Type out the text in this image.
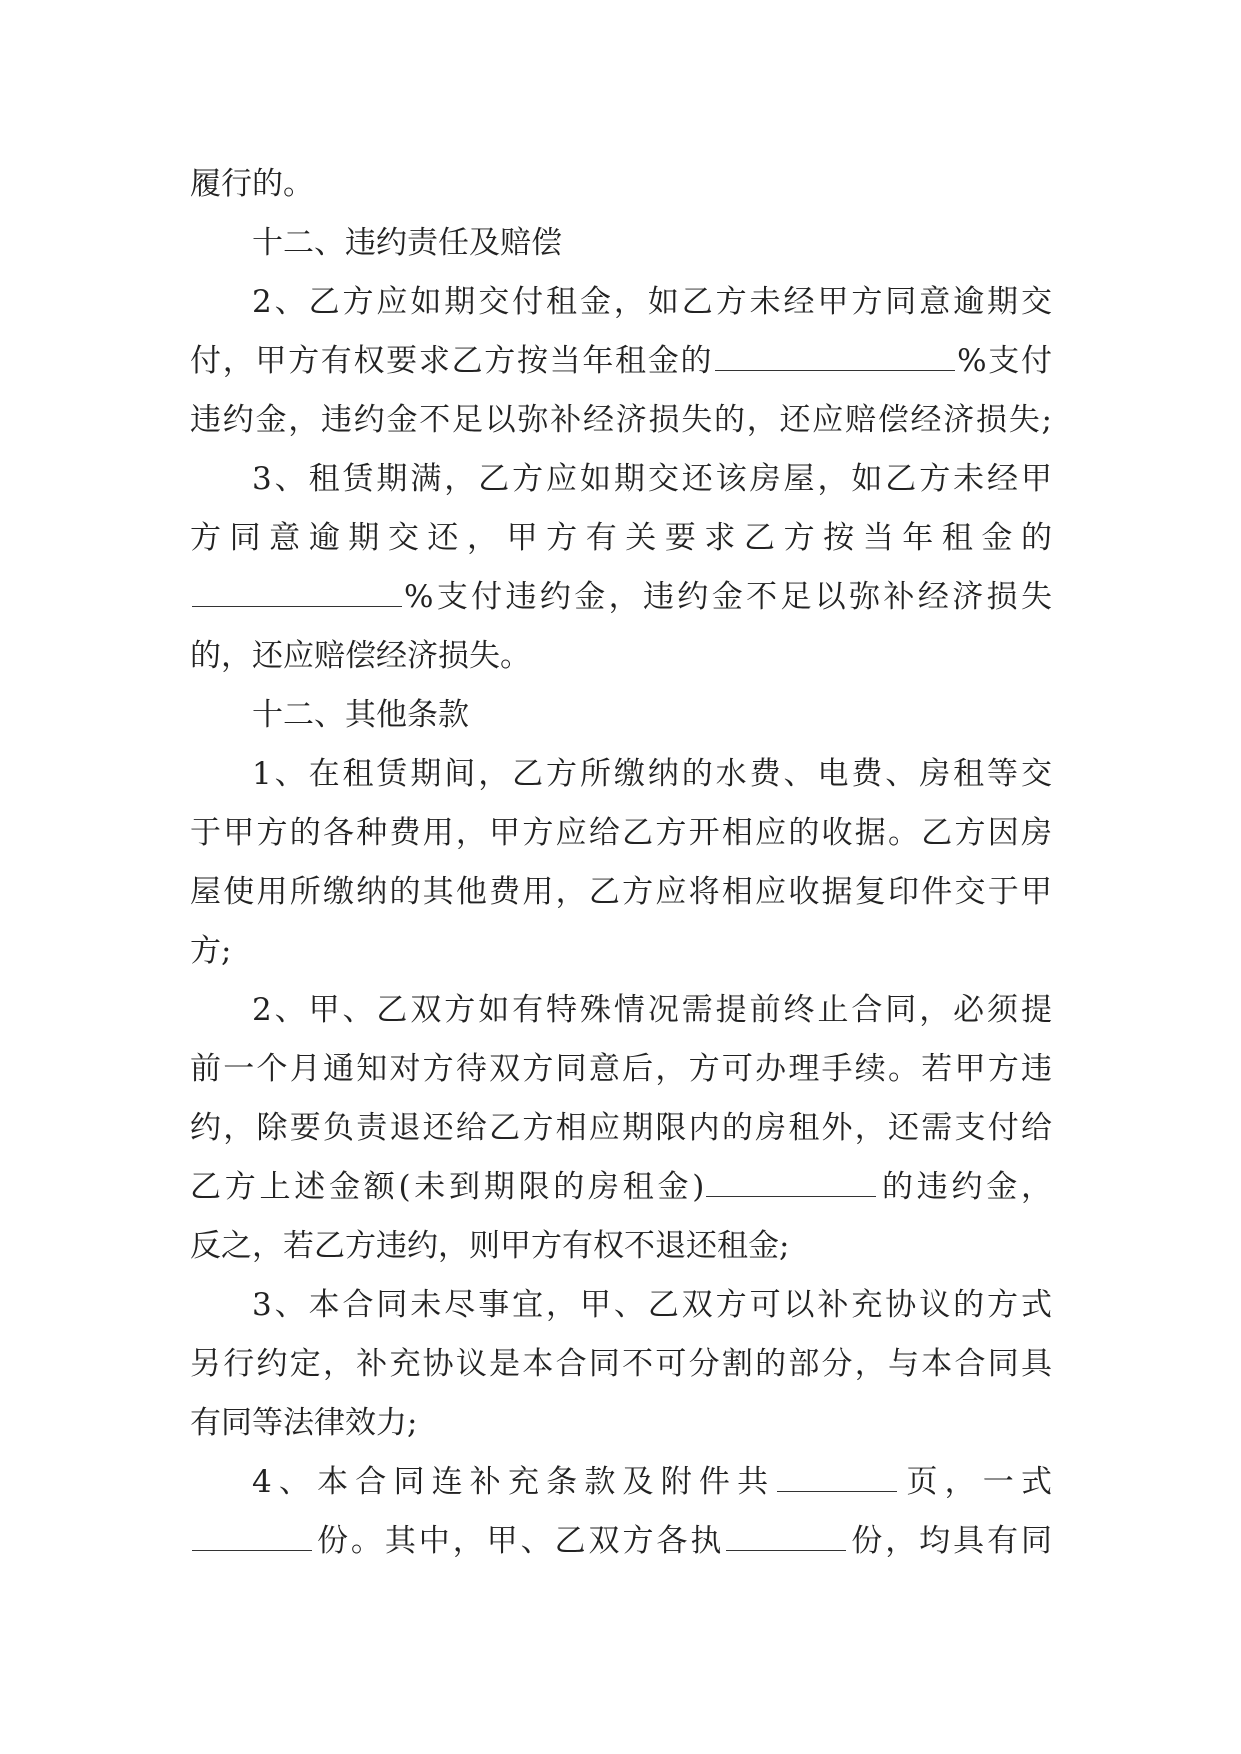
履行的。
十二、违约责任及赔偿
2、乙方应如期交付租金，如乙方未经甲方同意逾期交
付，甲方有权要求乙方按当年租金的	%支付
违约金，违约金不足以弥补经济损失的，还应赔偿经济损失;
3、租赁期满，乙方应如期交还该房屋，如乙方未经甲
方同意逾期交还，甲方有关要求乙方按当年租金的
%支付违约金，违约金不足以弥补经济损失
的，还应赔偿经济损失。
十二、其他条款
1、在租赁期间，乙方所缴纳的水费、电费、房租等交
于甲方的各种费用，甲方应给乙方开相应的收据。乙方因房
屋使用所缴纳的其他费用，乙方应将相应收据复印件交于甲
方;
2、甲、乙双方如有特殊情况需提前终止合同，必须提
前一个月通知对方待双方同意后，方可办理手续。若甲方违
约，除要负责退还给乙方相应期限内的房租外，还需支付给
乙方上述金额(未到期限的房租金)	的违约金，
反之，若乙方违约，则甲方有权不退还租金;
3、本合同未尽事宜，甲、乙双方可以补充协议的方式
另行约定，补充协议是本合同不可分割的部分，与本合同具
有同等法律效力;
4、本合同连补充条款及附件共	页，一式
份。其中，甲、乙双方各执	份，均具有同
